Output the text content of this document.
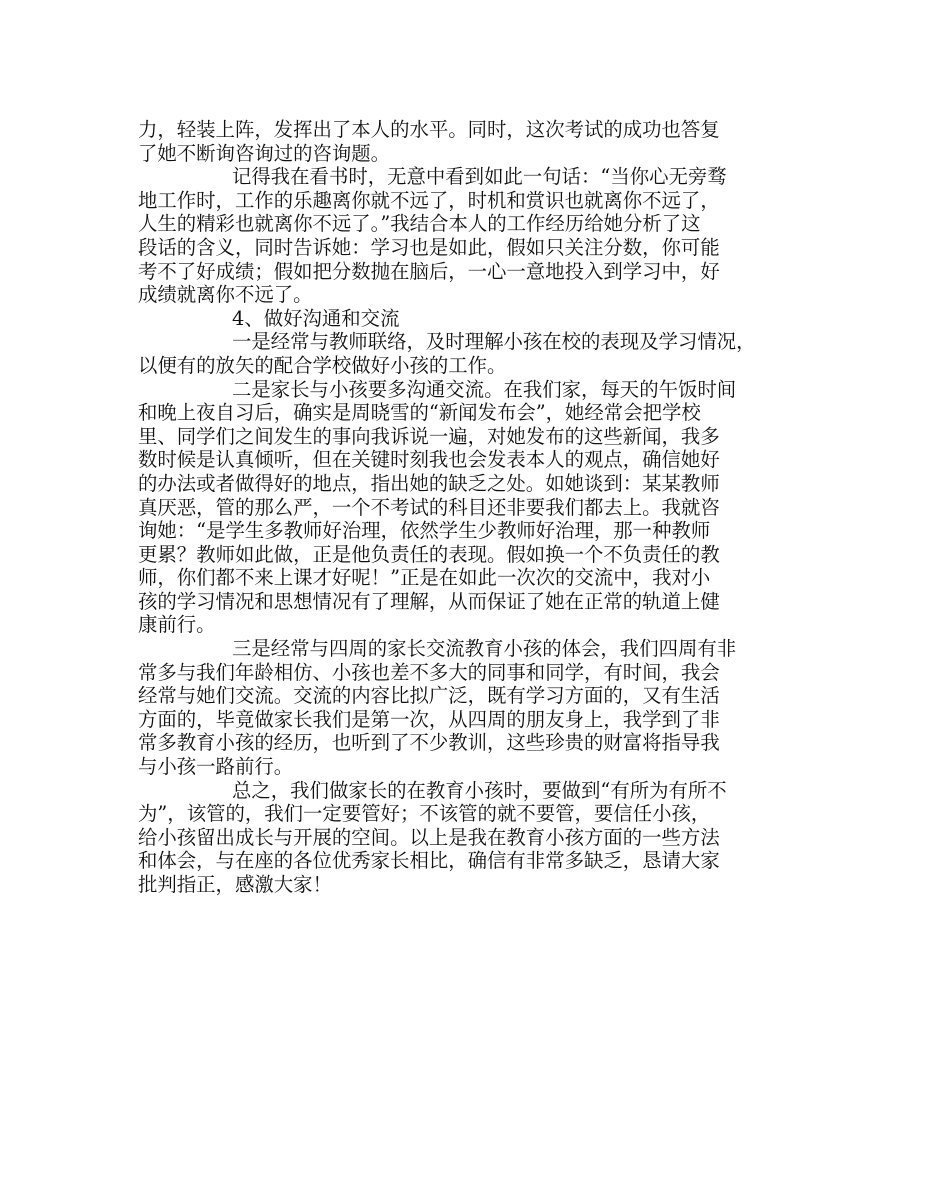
力，轻装上阵，发挥出了本人的水平。同时，这次考试的成功也答复
了她不断询咨询过的咨询题。
记得我在看书时，无意中看到如此一句话：“当你心无旁骛
地工作时，工作的乐趣离你就不远了，时机和赏识也就离你不远了，
人生的精彩也就离你不远了。”我结合本人的工作经历给她分析了这
段话的含义，同时告诉她：学习也是如此，假如只关注分数，你可能
考不了好成绩；假如把分数抛在脑后，一心一意地投入到学习中，好
成绩就离你不远了。
4、做好沟通和交流
一是经常与教师联络，及时理解小孩在校的表现及学习情况，
以便有的放矢的配合学校做好小孩的工作。
二是家长与小孩要多沟通交流。在我们家，每天的午饭时间
和晚上夜自习后，确实是周晓雪的“新闻发布会”，她经常会把学校
里、同学们之间发生的事向我诉说一遍，对她发布的这些新闻，我多
数时候是认真倾听，但在关键时刻我也会发表本人的观点，确信她好
的办法或者做得好的地点，指出她的缺乏之处。如她谈到：某某教师
真厌恶，管的那么严，一个不考试的科目还非要我们都去上。我就咨
询她：“是学生多教师好治理，依然学生少教师好治理，那一种教师
更累？教师如此做，正是他负责任的表现。假如换一个不负责任的教
师，你们都不来上课才好呢！”正是在如此一次次的交流中，我对小
孩的学习情况和思想情况有了理解，从而保证了她在正常的轨道上健
康前行。
三是经常与四周的家长交流教育小孩的体会，我们四周有非
常多与我们年龄相仿、小孩也差不多大的同事和同学，有时间，我会
经常与她们交流。交流的内容比拟广泛，既有学习方面的，又有生活
方面的，毕竟做家长我们是第一次，从四周的朋友身上，我学到了非
常多教育小孩的经历，也听到了不少教训，这些珍贵的财富将指导我
与小孩一路前行。
总之，我们做家长的在教育小孩时，要做到“有所为有所不
为”，该管的，我们一定要管好；不该管的就不要管，要信任小孩，
给小孩留出成长与开展的空间。以上是我在教育小孩方面的一些方法
和体会，与在座的各位优秀家长相比，确信有非常多缺乏，恳请大家
批判指正，感激大家！
